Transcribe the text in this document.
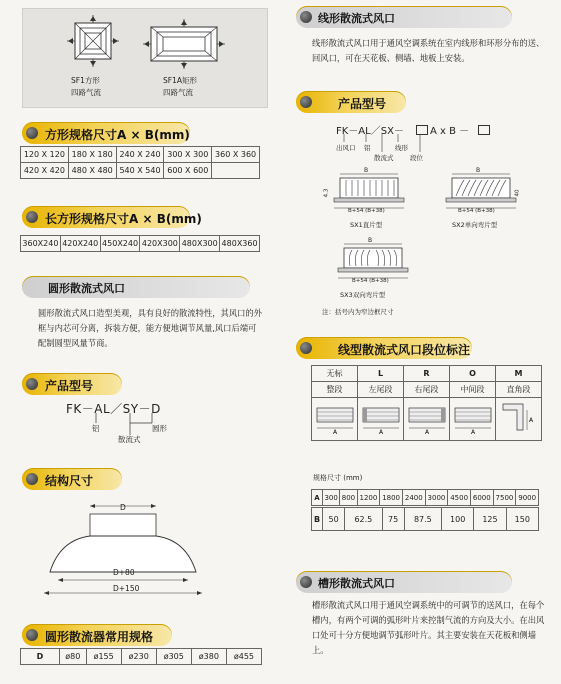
SF1方形
四路气流
SF1A矩形
四路气流
方形规格尺寸A × B(mm)
120 X 120	180 X 180	240 X 240	300 X 300	360 X 360
420 X 420	480 X 480	540 X 540	600 X 600	
长方形规格尺寸A × B(mm)
360X240	420X240	450X240	420X300	480X300	480X360
圆形散流式风口
圆形散流式风口造型美观，具有良好的散流特性，其风口的外框与内芯可分离，拆装方便，能方便地调节风量,风口后端可配制圆型风量节商。
产品型号
FK－AL／SY－D
铝	圆形
散流式
结构尺寸
D
D+80
D+150
圆形散流器常用规格
D	ø80	ø155	ø230	ø305	ø380	ø455
线形散流式风口
线形散流式风口用于通风空调系统在室内线形和环形分布的送、回风口，可在天花板、侧墙、地板上安装。
产品型号
FK－AL／SX－	A x B －
出风口 铝	线形
散流式	段位
B
B+54 (B+38)
4.3
SX1直片型
B
B+54 (B+38)
40
SX2单向弯片型
B
B+54 (B+38)
SX3双向弯片型
注：括号内为窄边框尺寸
线型散流式风口段位标注
无标	L	R	O	M
整段	左尾段	右尾段	中间段	直角段

A	A	A	A	A
规格尺寸 (mm)
A	300	800	1200	1800	2400	3000	4500	6000	7500	9000
B	50	62.5	75	87.5	100	125	150
槽形散流式风口
槽形散流式风口用于通风空调系统中的可调节的送风口，在每个槽内，有两个可调的弧形叶片来控制气流的方向及大小。在出风口处可十分方便地调节弧形叶片。其主要安装在天花板和侧墙上。
